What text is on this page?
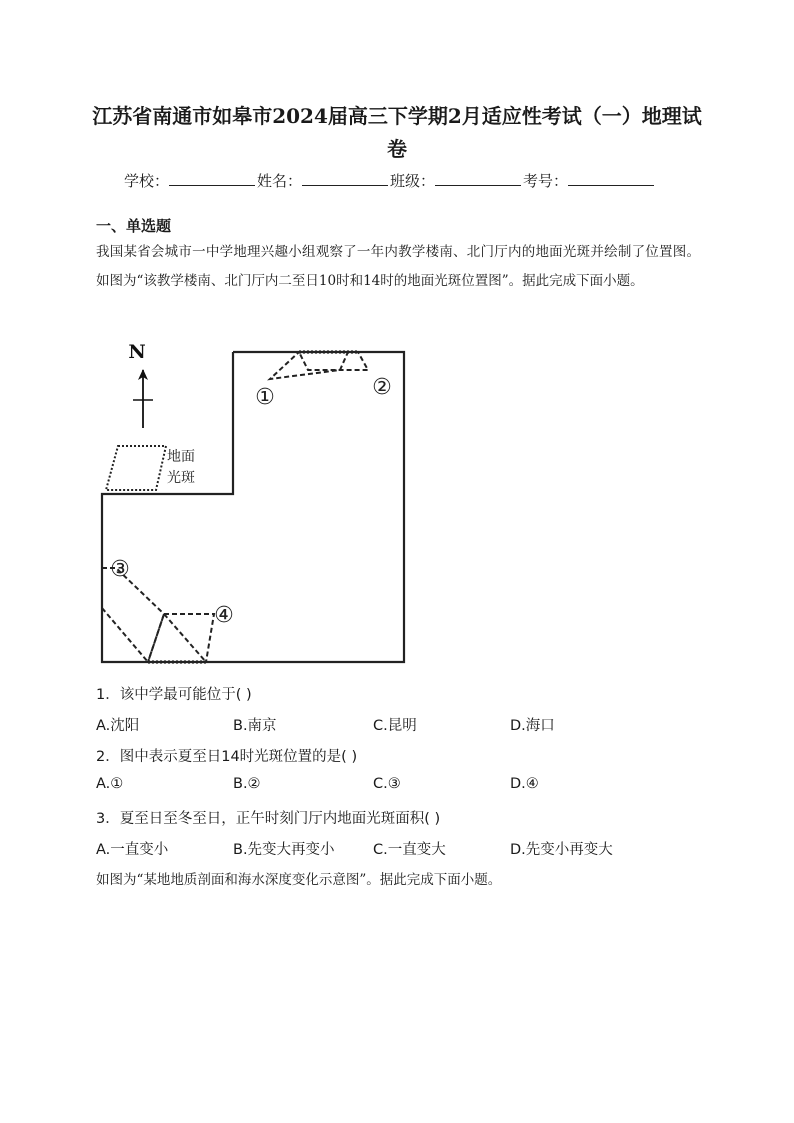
江苏省南通市如皋市2024届高三下学期2月适应性考试（一）地理试
卷
学校：	姓名：	班级：	考号：
一、单选题
我国某省会城市一中学地理兴趣小组观察了一年内教学楼南、北门厅内的地面光斑并绘制了位置图。如图为“该教学楼南、北门厅内二至日10时和14时的地面光斑位置图”。据此完成下面小题。
N
地面
光斑
①	②
③
④
1．该中学最可能位于( )
A.沈阳	B.南京	C.昆明	D.海口
2．图中表示夏至日14时光斑位置的是( )
A.①	B.②	C.③	D.④
3．夏至日至冬至日，正午时刻门厅内地面光斑面积( )
A.一直变小	B.先变大再变小	C.一直变大	D.先变小再变大
如图为“某地地质剖面和海水深度变化示意图”。据此完成下面小题。
